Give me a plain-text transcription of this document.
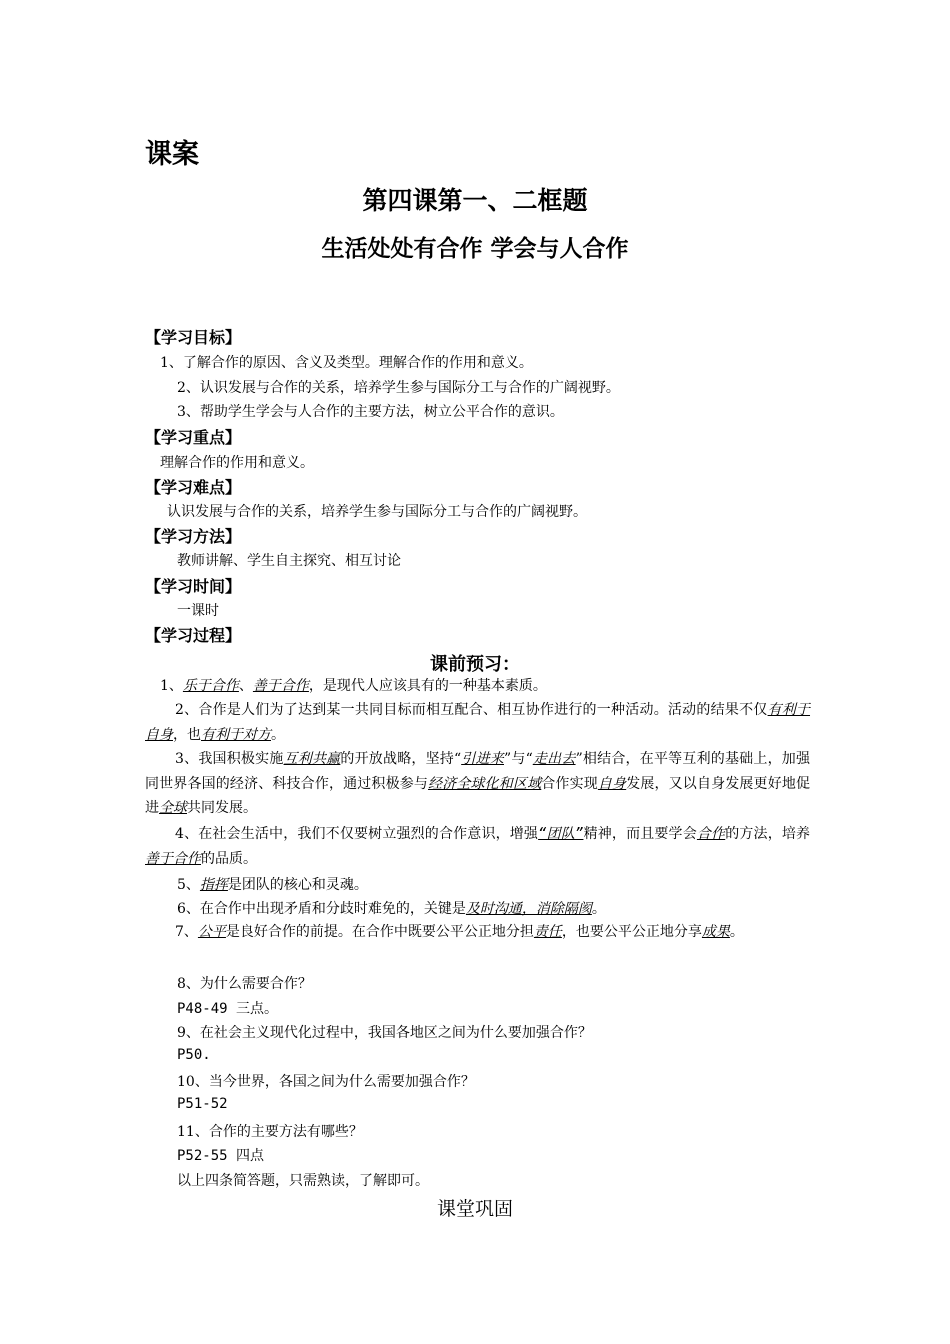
课案
第四课第一、二框题
生活处处有合作 学会与人合作
【学习目标】
1、了解合作的原因、含义及类型。理解合作的作用和意义。
2、认识发展与合作的关系，培养学生参与国际分工与合作的广阔视野。
3、帮助学生学会与人合作的主要方法，树立公平合作的意识。
【学习重点】
理解合作的作用和意义。
【学习难点】
认识发展与合作的关系，培养学生参与国际分工与合作的广阔视野。
【学习方法】
教师讲解、学生自主探究、相互讨论
【学习时间】
一课时
【学习过程】
课前预习：
1、乐于合作、善于合作，是现代人应该具有的一种基本素质。
2、合作是人们为了达到某一共同目标而相互配合、相互协作进行的一种活动。活动的结果不仅有利于自身，也有利于对方。
3、我国积极实施互利共赢的开放战略，坚持“引进来”与“走出去”相结合，在平等互利的基础上，加强同世界各国的经济、科技合作，通过积极参与经济全球化和区域合作实现自身发展，又以自身发展更好地促进全球共同发展。
4、在社会生活中，我们不仅要树立强烈的合作意识，增强“团队”精神，而且要学会合作的方法，培养善于合作的品质。
5、指挥是团队的核心和灵魂。
6、在合作中出现矛盾和分歧时难免的，关键是及时沟通，消除隔阂。
7、公平是良好合作的前提。在合作中既要公平公正地分担责任，也要公平公正地分享成果。
8、为什么需要合作？
P48-49 三点。
9、在社会主义现代化过程中，我国各地区之间为什么要加强合作？
P50.
10、当今世界，各国之间为什么需要加强合作？
P51-52
11、合作的主要方法有哪些？
P52-55 四点
以上四条简答题，只需熟读，了解即可。
课堂巩固
